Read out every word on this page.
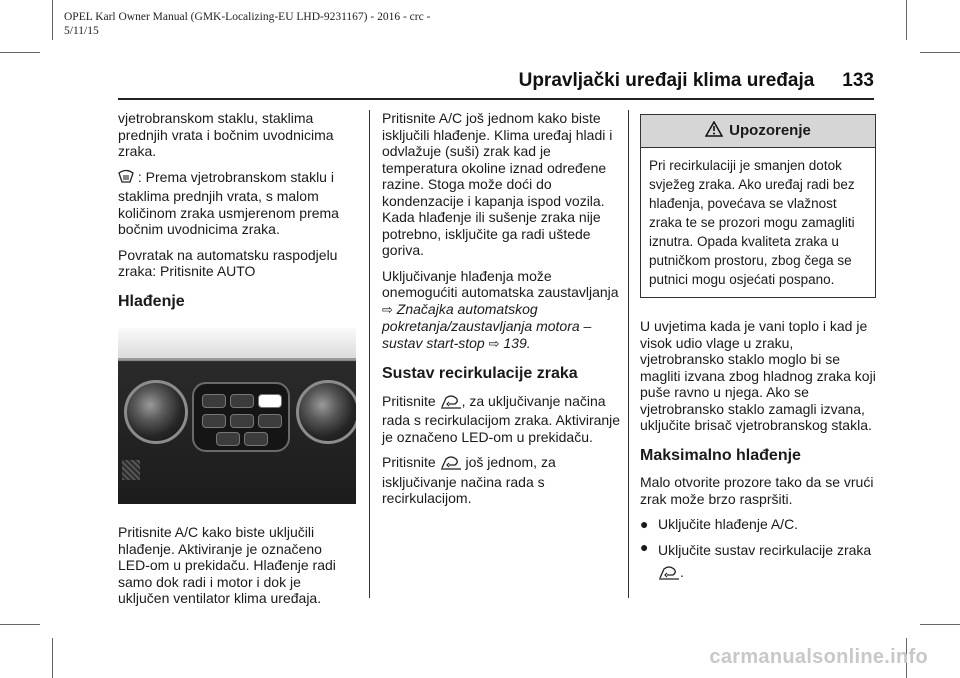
OPEL Karl Owner Manual (GMK-Localizing-EU LHD-9231167) - 2016 - crc -
5/11/15
Upravljački uređaji klima uređaja 133

vjetrobranskom staklu, staklima prednjih vrata i bočnim uvodnicima zraka.

: Prema vjetrobranskom staklu i staklima prednjih vrata, s malom količinom zraka usmjerenom prema bočnim uvodnicima zraka.

Povratak na automatsku raspodjelu zraka: Pritisnite AUTO

Hlađenje

Pritisnite A/C kako biste uključili hlađenje. Aktiviranje je označeno LED-om u prekidaču. Hlađenje radi samo dok radi i motor i dok je uključen ventilator klima uređaja.

Pritisnite A/C još jednom kako biste isključili hlađenje. Klima uređaj hladi i odvlažuje (suši) zrak kad je temperatura okoline iznad određene razine. Stoga može doći do kondenzacije i kapanja ispod vozila. Kada hlađenje ili sušenje zraka nije potrebno, isključite ga radi uštede goriva.

Uključivanje hlađenja može onemogućiti automatska zaustavljanja ⇨ Značajka automatskog pokretanja/zaustavljanja motora – sustav start-stop ⇨ 139.

Sustav recirkulacije zraka

Pritisnite , za uključivanje načina rada s recirkulacijom zraka. Aktiviranje je označeno LED-om u prekidaču.

Pritisnite još jednom, za isključivanje načina rada s recirkulacijom.

Upozorenje
Pri recirkulaciji je smanjen dotok svježeg zraka. Ako uređaj radi bez hlađenja, povećava se vlažnost zraka te se prozori mogu zamagliti iznutra. Opada kvaliteta zraka u putničkom prostoru, zbog čega se putnici mogu osjećati pospano.

U uvjetima kada je vani toplo i kad je visok udio vlage u zraku, vjetrobransko staklo moglo bi se magliti izvana zbog hladnog zraka koji puše ravno u njega. Ako se vjetrobransko staklo zamagli izvana, uključite brisač vjetrobranskog stakla.

Maksimalno hlađenje

Malo otvorite prozore tako da se vrući zrak može brzo raspršiti.

● Uključite hlađenje A/C.
● Uključite sustav recirkulacije zraka .
carmanualsonline.info
